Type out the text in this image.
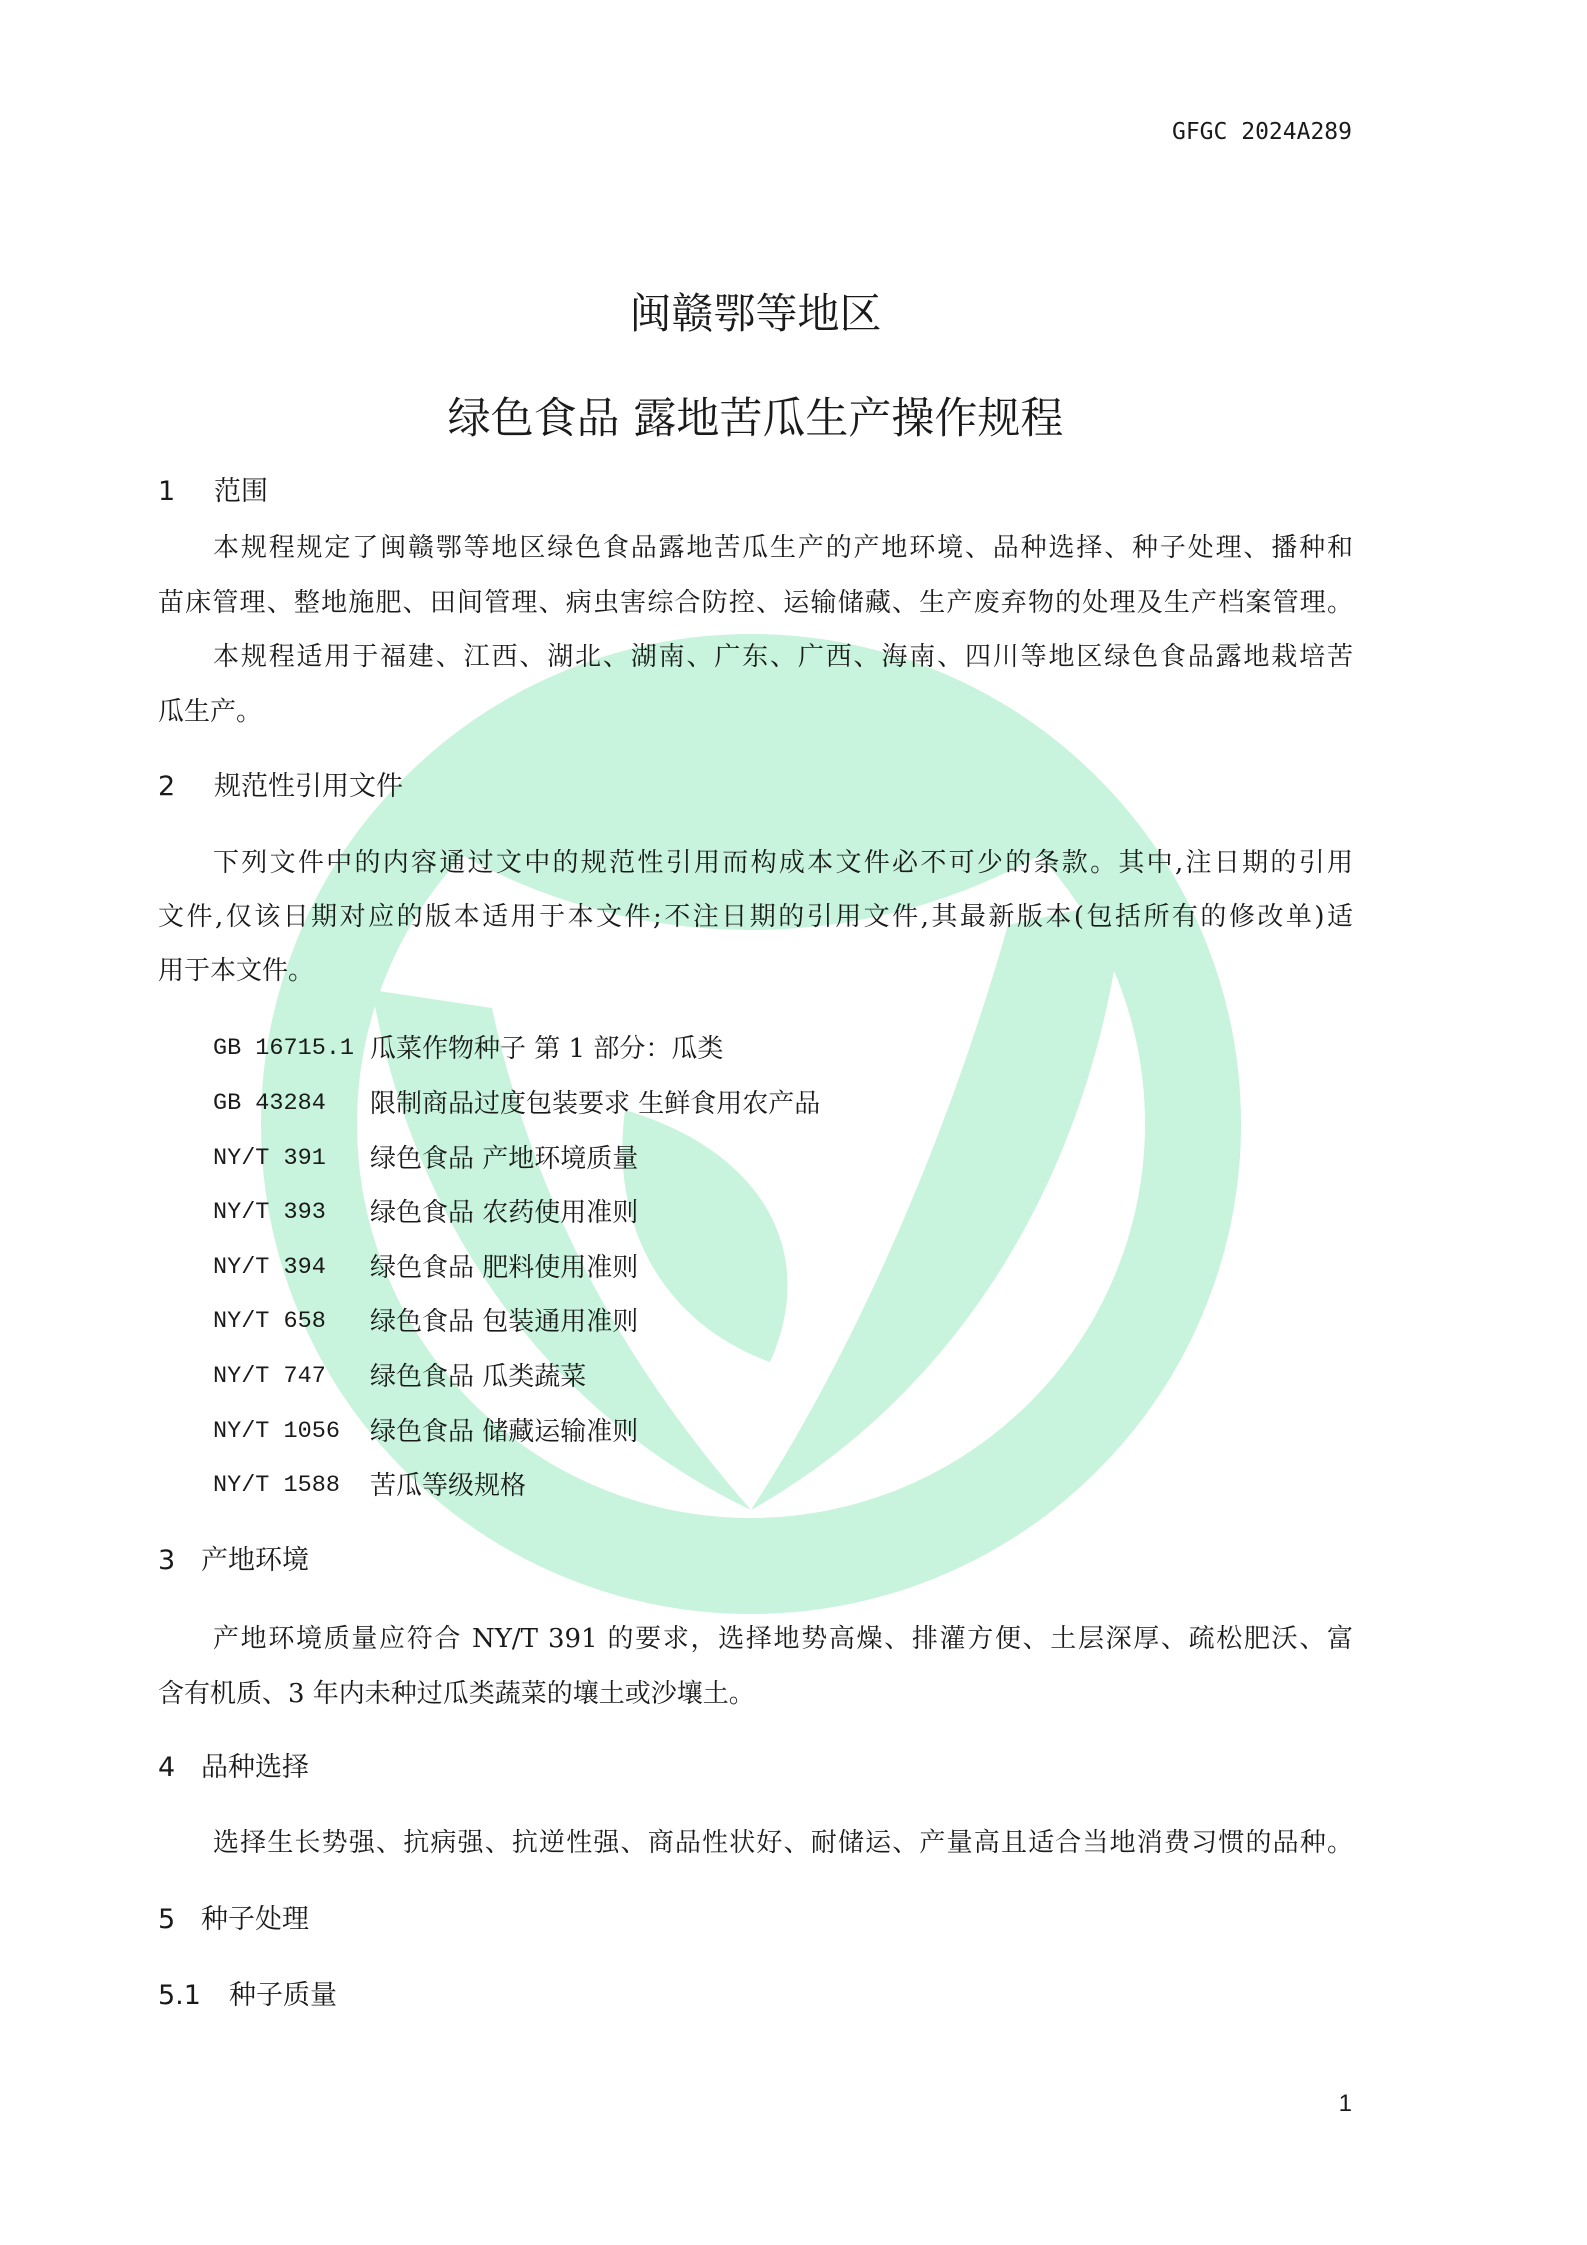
GFGC 2024A289
闽赣鄂等地区
绿色食品 露地苦瓜生产操作规程
1 范围
本规程规定了闽赣鄂等地区绿色食品露地苦瓜生产的产地环境、品种选择、种子处理、播种和
苗床管理、整地施肥、田间管理、病虫害综合防控、运输储藏、生产废弃物的处理及生产档案管理。
本规程适用于福建、江西、湖北、湖南、广东、广西、海南、四川等地区绿色食品露地栽培苦
瓜生产。
2 规范性引用文件
下列文件中的内容通过文中的规范性引用而构成本文件必不可少的条款。其中,注日期的引用
文件,仅该日期对应的版本适用于本文件;不注日期的引用文件,其最新版本(包括所有的修改单)适
用于本文件。
GB 16715.1 瓜菜作物种子 第 1 部分：瓜类
GB 43284 限制商品过度包装要求 生鲜食用农产品
NY/T 391 绿色食品 产地环境质量
NY/T 393 绿色食品 农药使用准则
NY/T 394 绿色食品 肥料使用准则
NY/T 658 绿色食品 包装通用准则
NY/T 747 绿色食品 瓜类蔬菜
NY/T 1056 绿色食品 储藏运输准则
NY/T 1588 苦瓜等级规格
3 产地环境
产地环境质量应符合 NY/T 391 的要求，选择地势高燥、排灌方便、土层深厚、疏松肥沃、富
含有机质、3 年内未种过瓜类蔬菜的壤土或沙壤土。
4 品种选择
选择生长势强、抗病强、抗逆性强、商品性状好、耐储运、产量高且适合当地消费习惯的品种。
5 种子处理
5.1 种子质量
1
